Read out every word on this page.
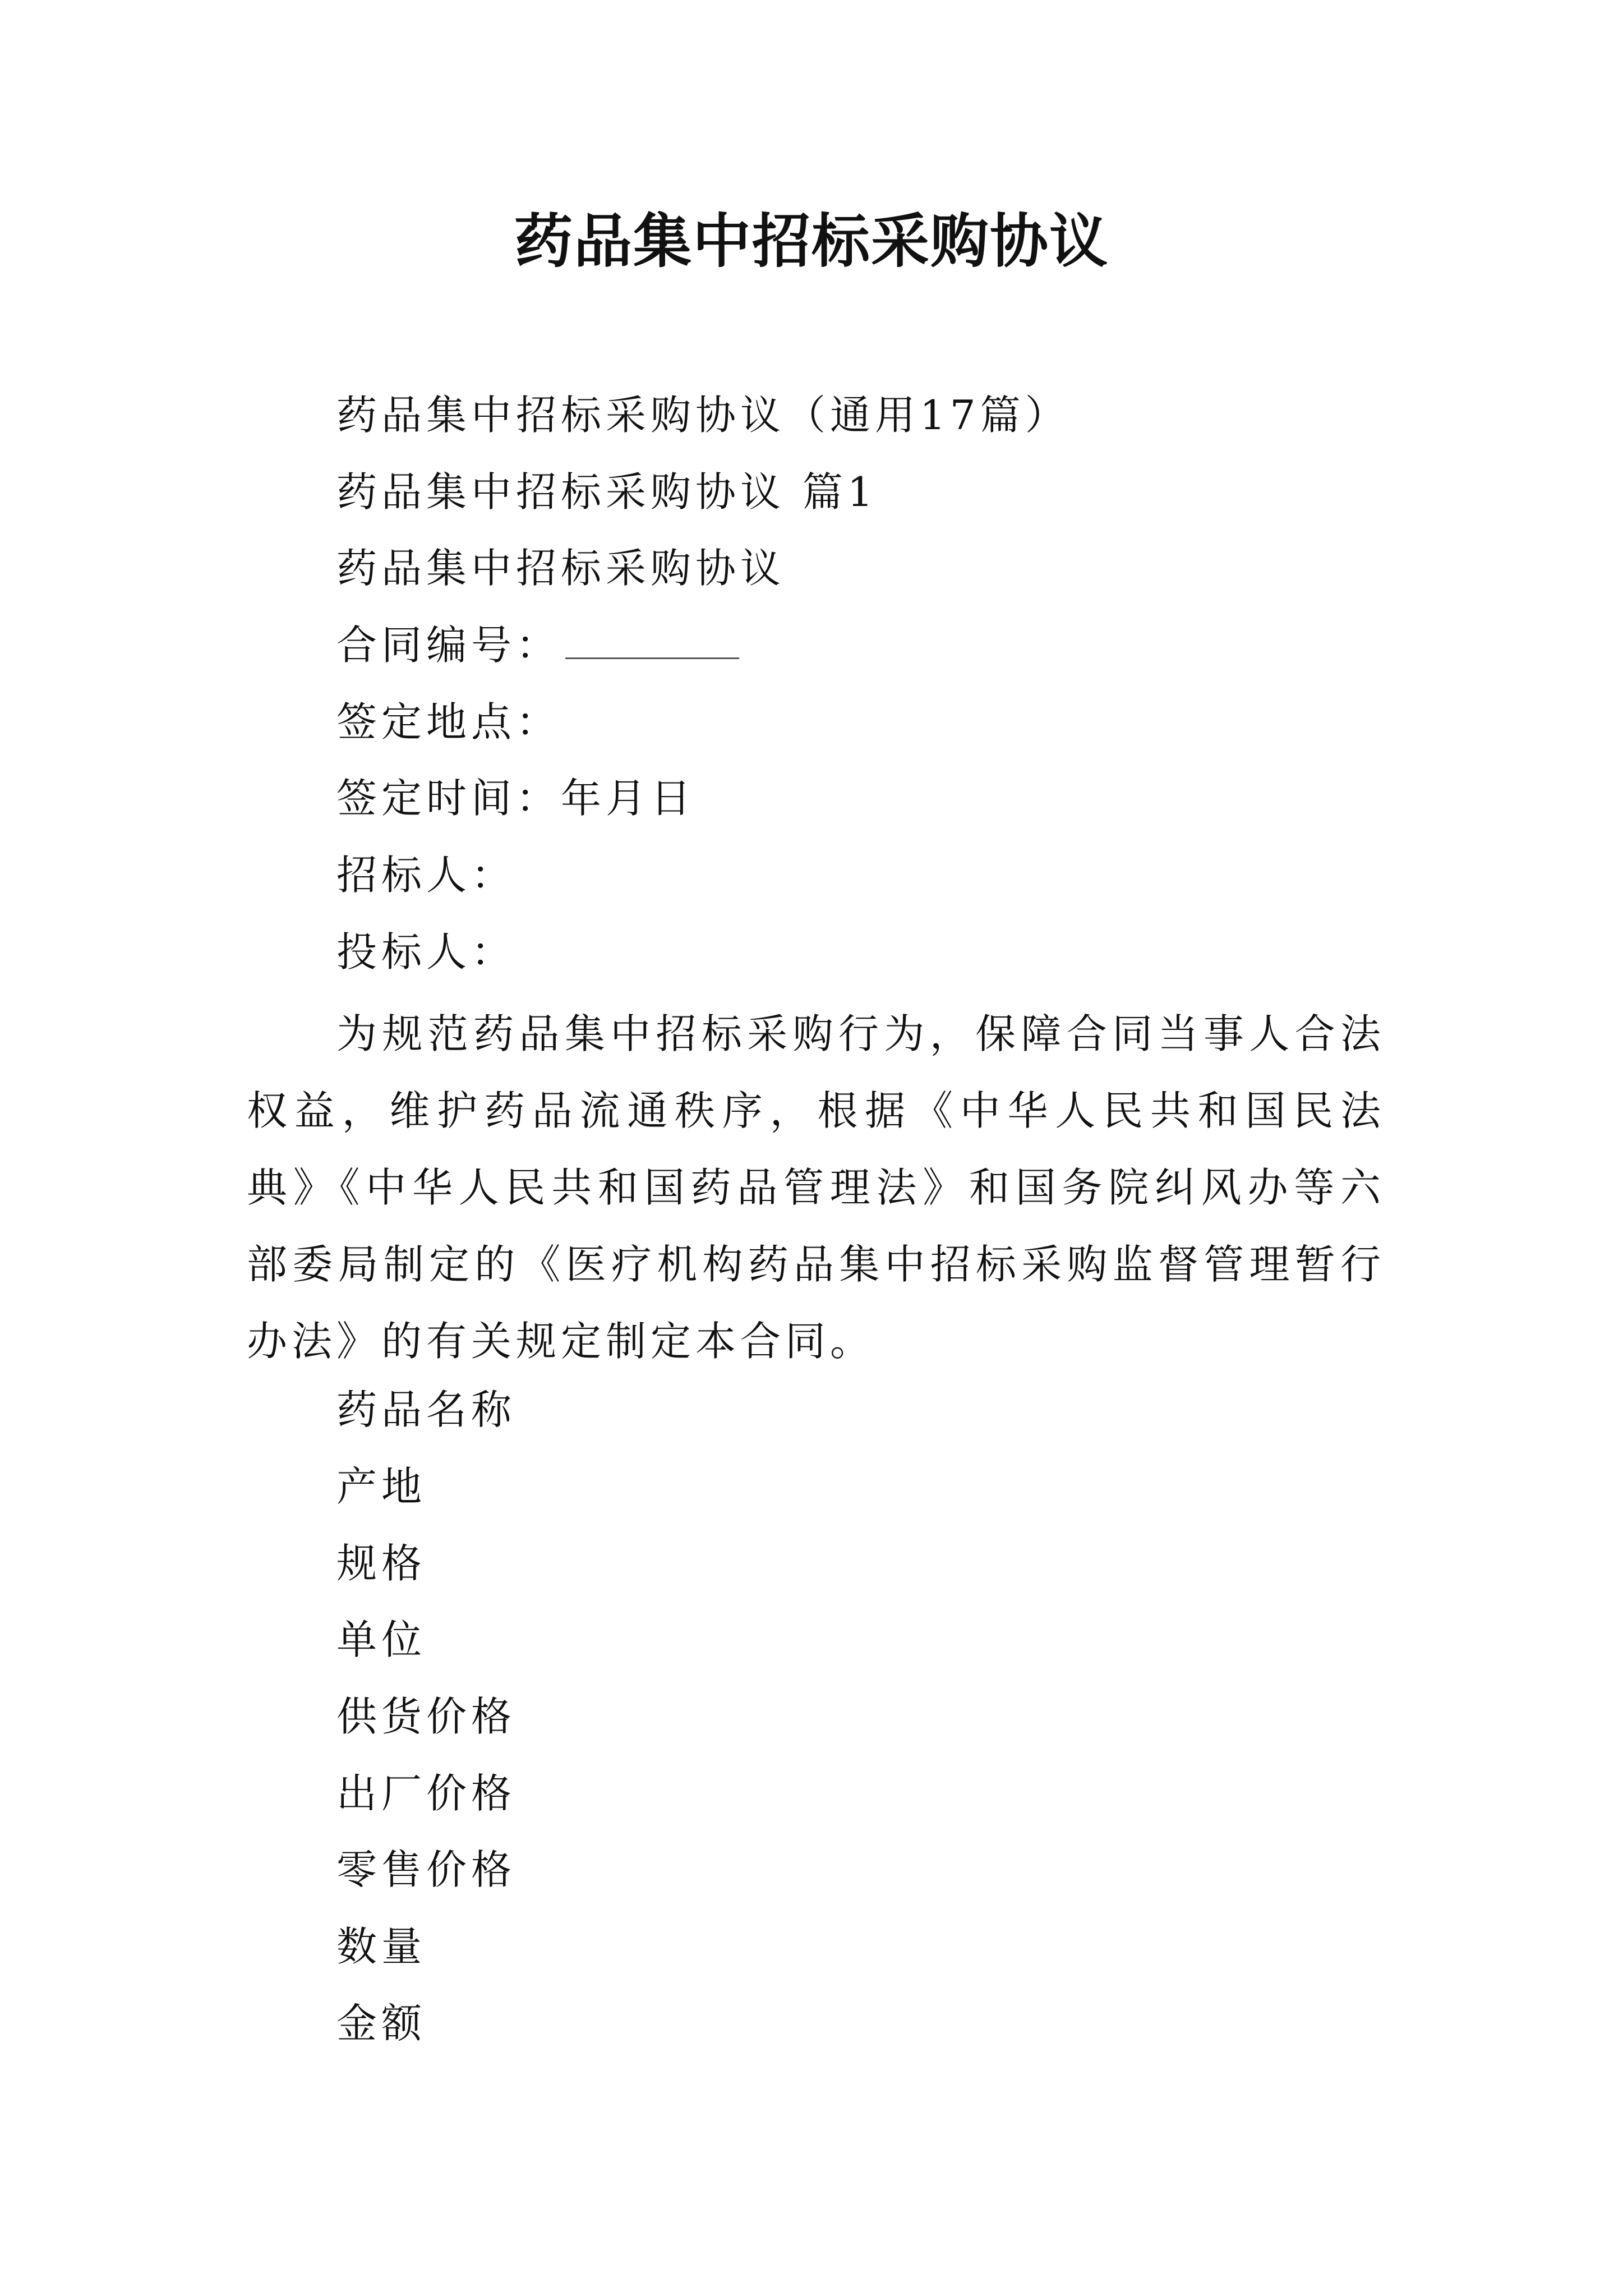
药品集中招标采购协议

药品集中招标采购协议（通用17篇）

药品集中招标采购协议 篇1

药品集中招标采购协议

合同编号：

签定地点：

签定时间：年月日

招标人：

投标人：

为规范药品集中招标采购行为，保障合同当事人合法权益，维护药品流通秩序，根据《中华人民共和国民法典》《中华人民共和国药品管理法》和国务院纠风办等六部委局制定的《医疗机构药品集中招标采购监督管理暂行办法》的有关规定制定本合同。

药品名称

产地

规格

单位

供货价格

出厂价格

零售价格

数量

金额
